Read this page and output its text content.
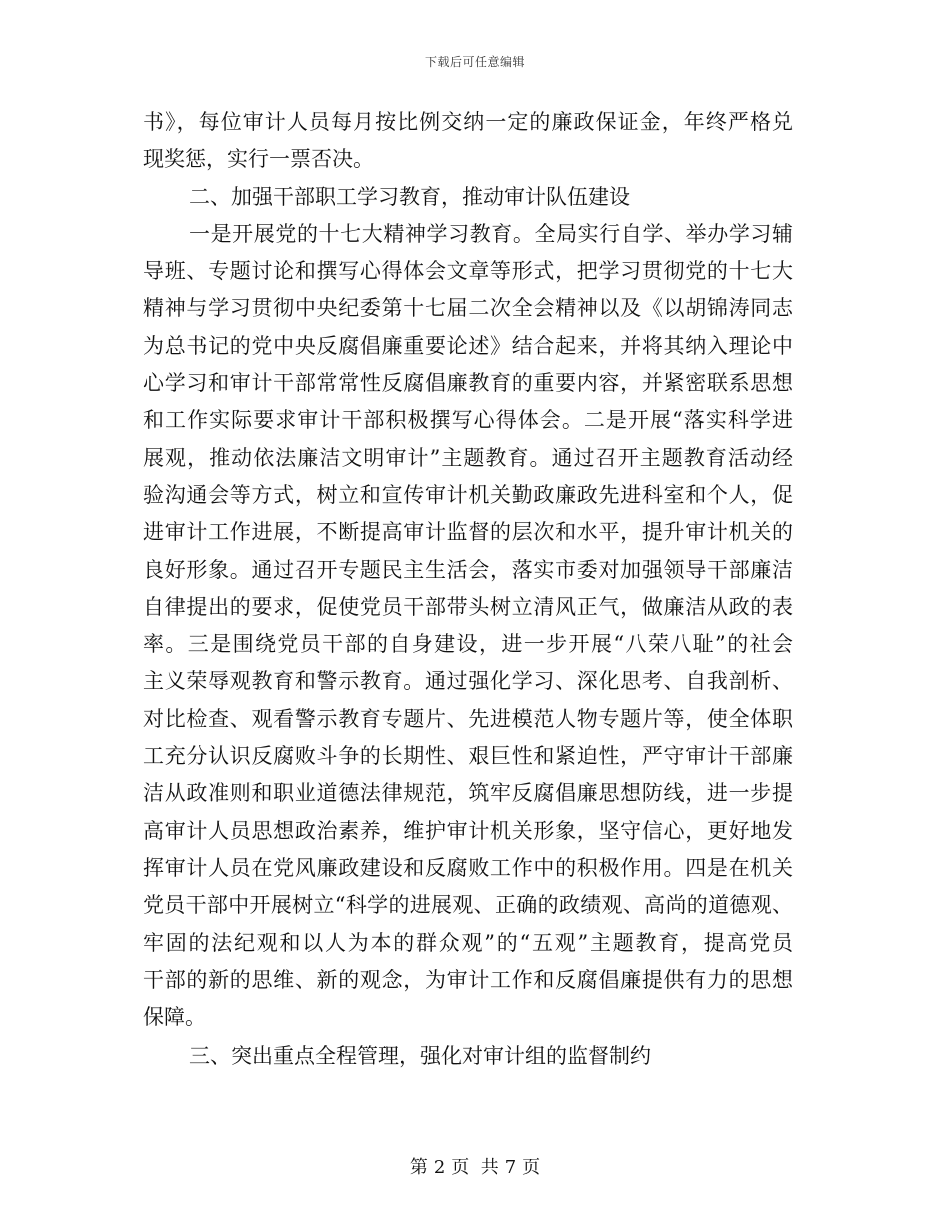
下载后可任意编辑
书》，每位审计人员每月按比例交纳一定的廉政保证金，年终严格兑
现奖惩，实行一票否决。
二、加强干部职工学习教育，推动审计队伍建设
一是开展党的十七大精神学习教育。全局实行自学、举办学习辅
导班、专题讨论和撰写心得体会文章等形式，把学习贯彻党的十七大
精神与学习贯彻中央纪委第十七届二次全会精神以及《以胡锦涛同志
为总书记的党中央反腐倡廉重要论述》结合起来，并将其纳入理论中
心学习和审计干部常常性反腐倡廉教育的重要内容，并紧密联系思想
和工作实际要求审计干部积极撰写心得体会。二是开展“落实科学进
展观，推动依法廉洁文明审计”主题教育。通过召开主题教育活动经
验沟通会等方式，树立和宣传审计机关勤政廉政先进科室和个人，促
进审计工作进展，不断提高审计监督的层次和水平，提升审计机关的
良好形象。通过召开专题民主生活会，落实市委对加强领导干部廉洁
自律提出的要求，促使党员干部带头树立清风正气，做廉洁从政的表
率。三是围绕党员干部的自身建设，进一步开展“八荣八耻”的社会
主义荣辱观教育和警示教育。通过强化学习、深化思考、自我剖析、
对比检查、观看警示教育专题片、先进模范人物专题片等，使全体职
工充分认识反腐败斗争的长期性、艰巨性和紧迫性，严守审计干部廉
洁从政准则和职业道德法律规范，筑牢反腐倡廉思想防线，进一步提
高审计人员思想政治素养，维护审计机关形象，坚守信心，更好地发
挥审计人员在党风廉政建设和反腐败工作中的积极作用。四是在机关
党员干部中开展树立“科学的进展观、正确的政绩观、高尚的道德观、
牢固的法纪观和以人为本的群众观”的“五观”主题教育，提高党员
干部的新的思维、新的观念，为审计工作和反腐倡廉提供有力的思想
保障。
三、突出重点全程管理，强化对审计组的监督制约
第 2 页  共 7 页
